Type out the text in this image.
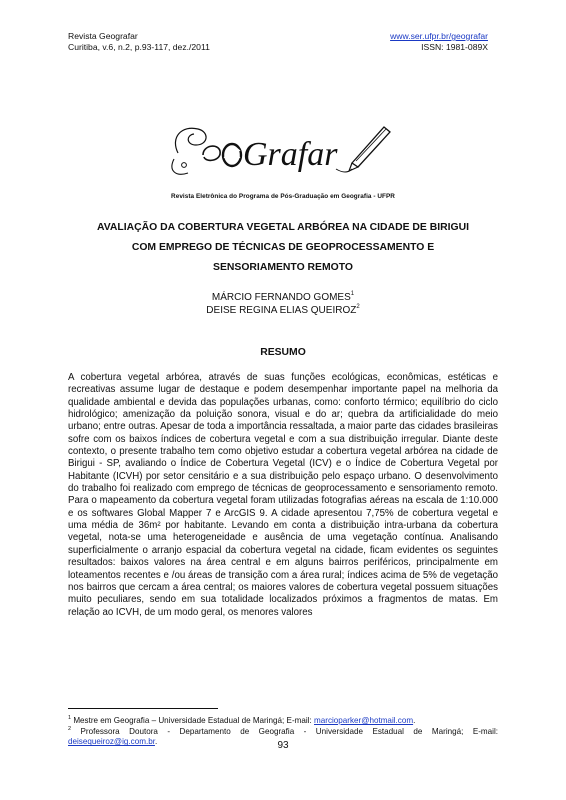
Revista Geografar	www.ser.ufpr.br/geografar
Curitiba, v.6, n.2, p.93-117, dez./2011	ISSN: 1981-089X
Grafar
Revista Eletrônica do Programa de Pós-Graduação em Geografia - UFPR
AVALIAÇÃO DA COBERTURA VEGETAL ARBÓREA NA CIDADE DE BIRIGUI
COM EMPREGO DE TÉCNICAS DE GEOPROCESSAMENTO E
SENSORIAMENTO REMOTO
MÁRCIO FERNANDO GOMES$^1$
DEISE REGINA ELIAS QUEIROZ$^2$
RESUMO
A cobertura vegetal arbórea, através de suas funções ecológicas, econômicas, estéticas e recreativas assume lugar de destaque e podem desempenhar importante papel na melhoria da qualidade ambiental e devida das populações urbanas, como: conforto térmico; equilíbrio do ciclo hidrológico; amenização da poluição sonora, visual e do ar; quebra da artificialidade do meio urbano; entre outras. Apesar de toda a importância ressaltada, a maior parte das cidades brasileiras sofre com os baixos índices de cobertura vegetal e com a sua distribuição irregular. Diante deste contexto, o presente trabalho tem como objetivo estudar a cobertura vegetal arbórea na cidade de Birigui - SP, avaliando o Índice de Cobertura Vegetal (ICV) e o Índice de Cobertura Vegetal por Habitante (ICVH) por setor censitário e a sua distribuição pelo espaço urbano. O desenvolvimento do trabalho foi realizado com emprego de técnicas de geoprocessamento e sensoriamento remoto. Para o mapeamento da cobertura vegetal foram utilizadas fotografias aéreas na escala de 1:10.000 e os softwares Global Mapper 7 e ArcGIS 9. A cidade apresentou 7,75% de cobertura vegetal e uma média de 36m² por habitante. Levando em conta a distribuição intra-urbana da cobertura vegetal, nota-se uma heterogeneidade e ausência de uma vegetação contínua. Analisando superficialmente o arranjo espacial da cobertura vegetal na cidade, ficam evidentes os seguintes resultados: baixos valores na área central e em alguns bairros periféricos, principalmente em loteamentos recentes e /ou áreas de transição com a área rural; índices acima de 5% de vegetação nos bairros que cercam a área central; os maiores valores de cobertura vegetal possuem situações muito peculiares, sendo em sua totalidade localizados próximos a fragmentos de matas. Em relação ao ICVH, de um modo geral, os menores valores
$^1$ Mestre em Geografia – Universidade Estadual de Maringá; E-mail: marcioparker@hotmail.com.
$^2$ Professora Doutora - Departamento de Geografia - Universidade Estadual de Maringá; E-mail: deisequeiroz@ig.com.br.	93
